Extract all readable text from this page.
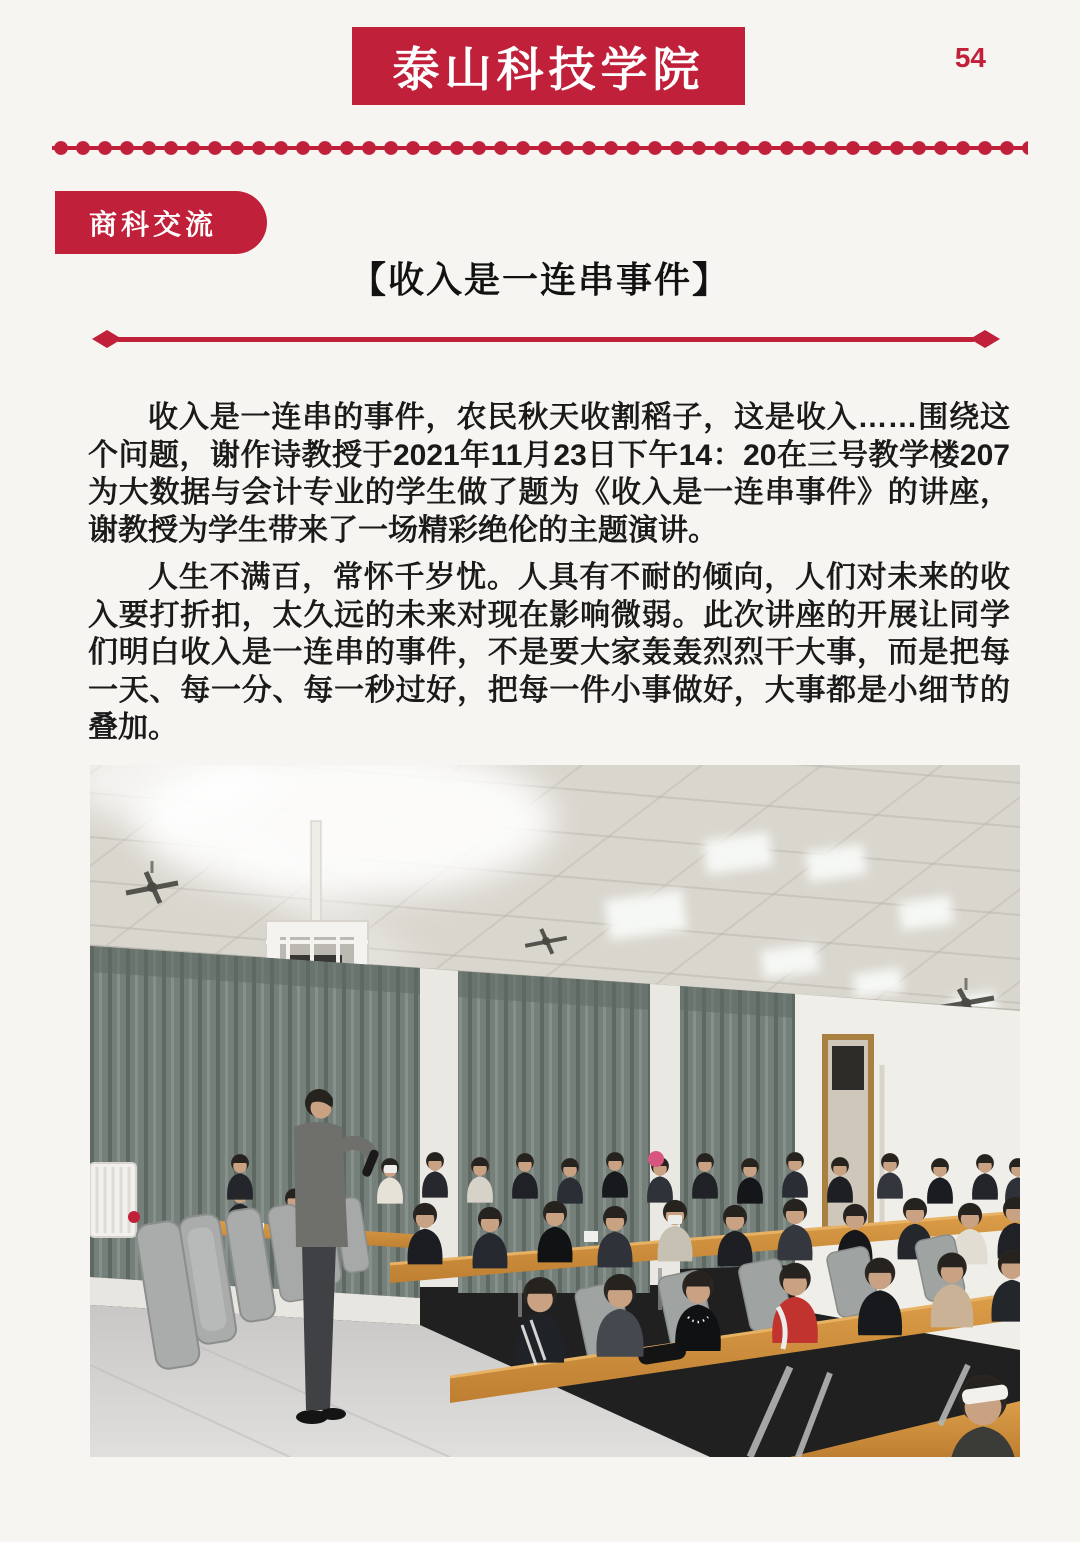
泰山科技学院	54
商科交流
【收入是一连串事件】

收入是一连串的事件，农民秋天收割稻子，这是收入……围绕这个问题，谢作诗教授于2021年11月23日下午14：20在三号教学楼207为大数据与会计专业的学生做了题为《收入是一连串事件》的讲座，谢教授为学生带来了一场精彩绝伦的主题演讲。

人生不满百，常怀千岁忧。人具有不耐的倾向，人们对未来的收入要打折扣，太久远的未来对现在影响微弱。此次讲座的开展让同学们明白收入是一连串的事件，不是要大家轰轰烈烈干大事，而是把每一天、每一分、每一秒过好，把每一件小事做好，大事都是小细节的叠加。
